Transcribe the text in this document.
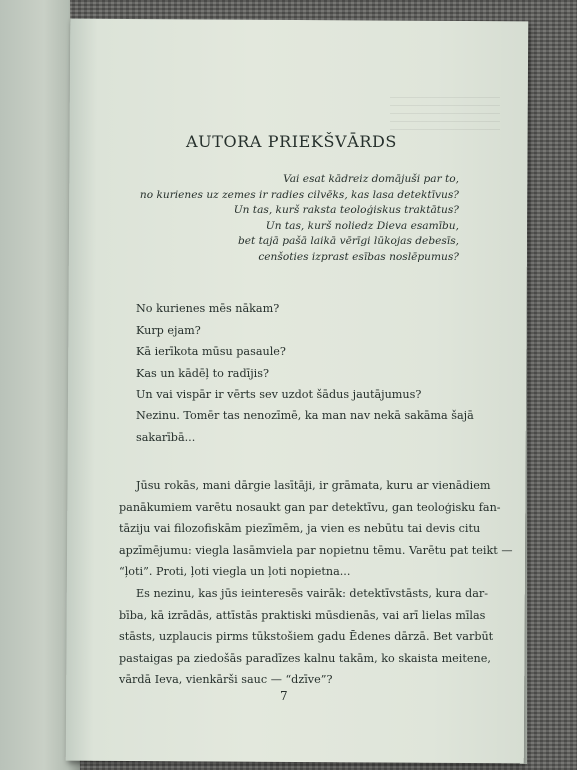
AUTORA PRIEKŠVĀRDS
Vai esat kādreiz domājuši par to,
no kurienes uz zemes ir radies cilvēks, kas lasa detektīvus?
Un tas, kurš raksta teoloģiskus traktātus?
Un tas, kurš noliedz Dieva esamību,
bet tajā pašā laikā vērīgi lūkojas debesīs,
cenšoties izprast esības noslēpumus?
No kurienes mēs nākam?
Kurp ejam?
Kā ierīkota mūsu pasaule?
Kas un kādēļ to radījis?
Un vai vispār ir vērts sev uzdot šādus jautājumus?
Nezinu. Tomēr tas nenozīmē, ka man nav nekā sakāma šajā
sakarībā...

Jūsu rokās, mani dārgie lasītāji, ir grāmata, kuru ar vienādiem
panākumiem varētu nosaukt gan par detektīvu, gan teoloģisku fan-
tāziju vai filozofiskām piezīmēm, ja vien es nebūtu tai devis citu
apzīmējumu: viegla lasāmviela par nopietnu tēmu. Varētu pat teikt —
“ļoti”. Proti, ļoti viegla un ļoti nopietna...

Es nezinu, kas jūs ieinteresēs vairāk: detektīvstāsts, kura dar-
bība, kā izrādās, attīstās praktiski mūsdienās, vai arī lielas mīlas
stāsts, uzplaucis pirms tūkstošiem gadu Ēdenes dārzā. Bet varbūt
pastaigas pa ziedošās paradīzes kalnu takām, ko skaista meitene,
vārdā Ieva, vienkārši sauc — “dzīve”?

7
